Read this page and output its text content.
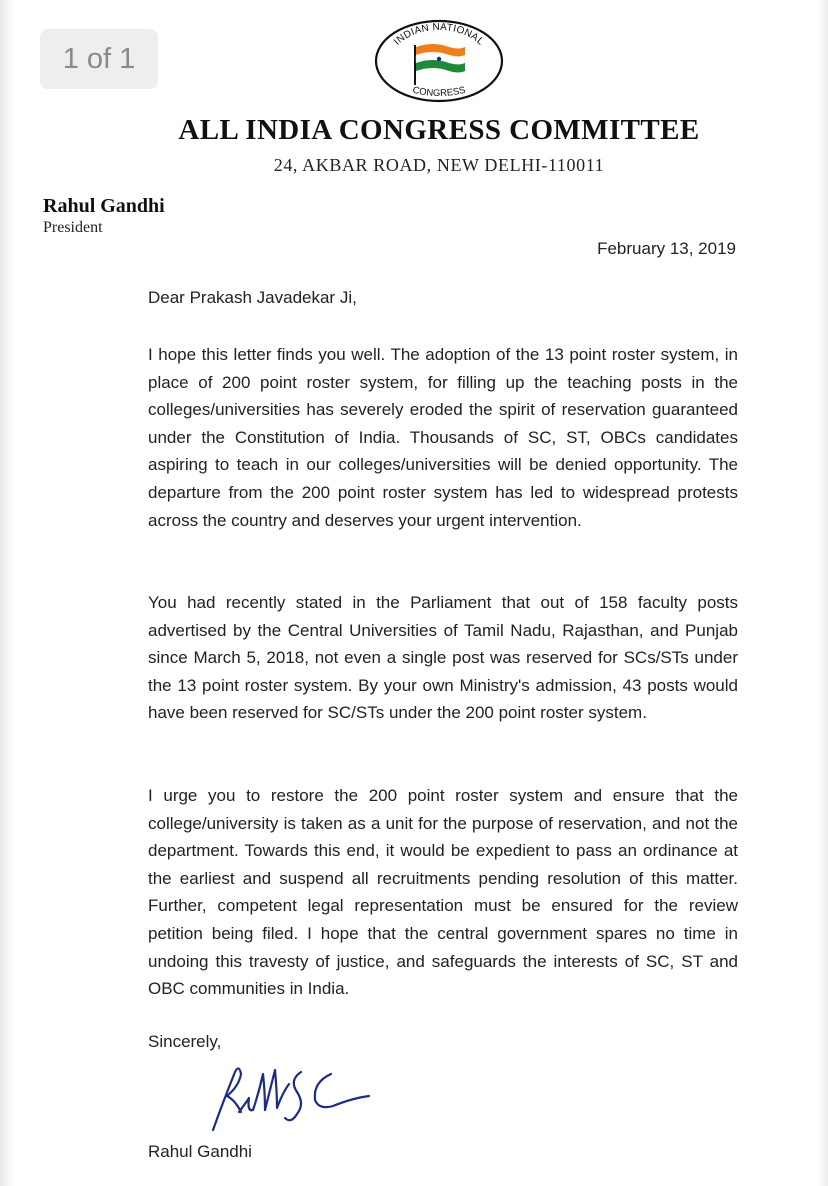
1 of 1	INDIAN NATIONAL
CONGRESS
ALL INDIA CONGRESS COMMITTEE
24, AKBAR ROAD, NEW DELHI-110011
Rahul Gandhi
President
February 13, 2019
Dear Prakash Javadekar Ji,

I hope this letter finds you well. The adoption of the 13 point roster system, in place of 200 point roster system, for filling up the teaching posts in the colleges/universities has severely eroded the spirit of reservation guaranteed under the Constitution of India. Thousands of SC, ST, OBCs candidates aspiring to teach in our colleges/universities will be denied opportunity. The departure from the 200 point roster system has led to widespread protests across the country and deserves your urgent intervention.

You had recently stated in the Parliament that out of 158 faculty posts advertised by the Central Universities of Tamil Nadu, Rajasthan, and Punjab since March 5, 2018, not even a single post was reserved for SCs/STs under the 13 point roster system. By your own Ministry's admission, 43 posts would have been reserved for SC/STs under the 200 point roster system.

I urge you to restore the 200 point roster system and ensure that the college/university is taken as a unit for the purpose of reservation, and not the department. Towards this end, it would be expedient to pass an ordinance at the earliest and suspend all recruitments pending resolution of this matter. Further, competent legal representation must be ensured for the review petition being filed. I hope that the central government spares no time in undoing this travesty of justice, and safeguards the interests of SC, ST and OBC communities in India.

Sincerely,
Rahul Gandhi
